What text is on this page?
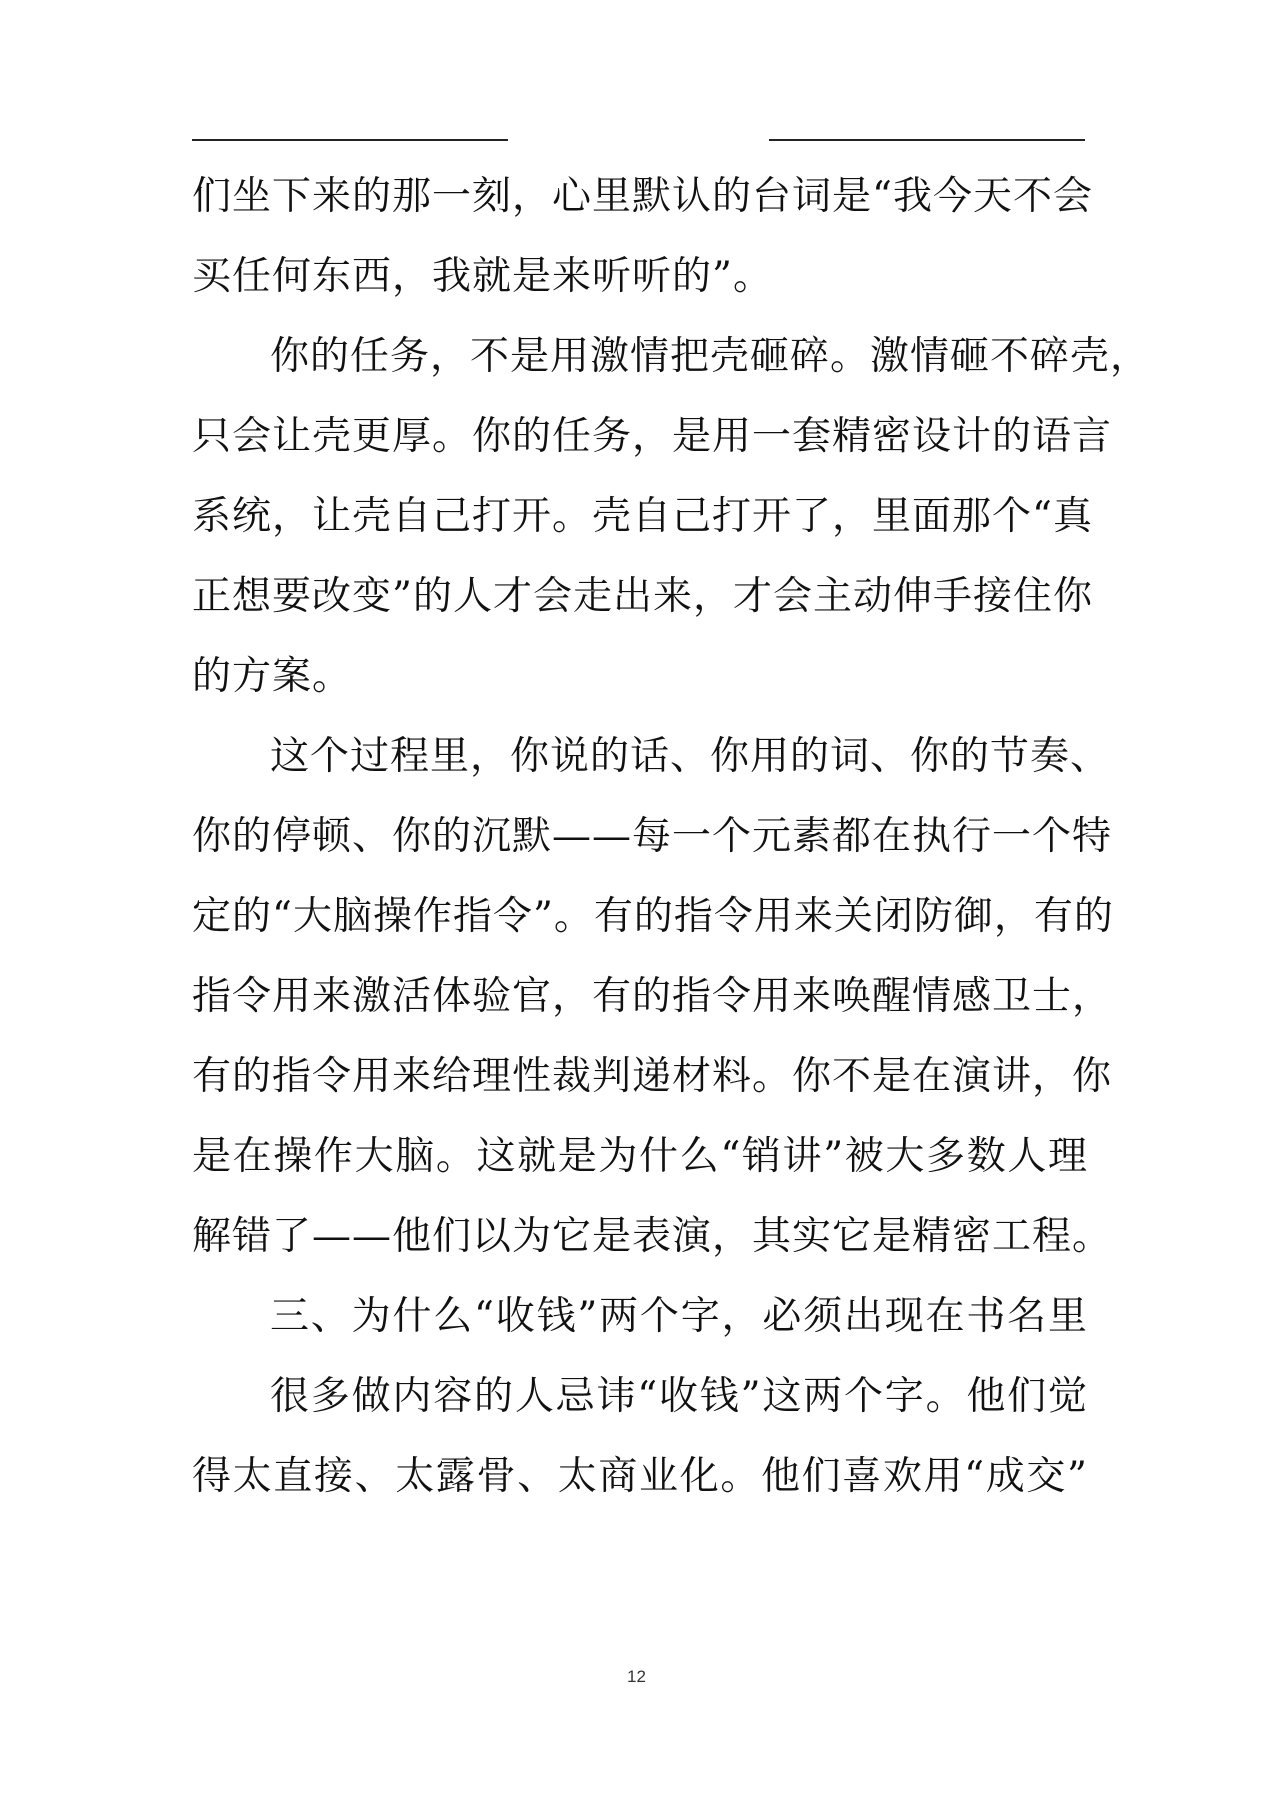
们坐下来的那一刻，心里默认的台词是“我今天不会
买任何东西，我就是来听听的”。
你的任务，不是用激情把壳砸碎。激情砸不碎壳，
只会让壳更厚。你的任务，是用一套精密设计的语言
系统，让壳自己打开。壳自己打开了，里面那个“真
正想要改变”的人才会走出来，才会主动伸手接住你
的方案。
这个过程里，你说的话、你用的词、你的节奏、
你的停顿、你的沉默——每一个元素都在执行一个特
定的“大脑操作指令”。有的指令用来关闭防御，有的
指令用来激活体验官，有的指令用来唤醒情感卫士，
有的指令用来给理性裁判递材料。你不是在演讲，你
是在操作大脑。这就是为什么“销讲”被大多数人理
解错了——他们以为它是表演，其实它是精密工程。
三、为什么“收钱”两个字，必须出现在书名里
很多做内容的人忌讳“收钱”这两个字。他们觉
得太直接、太露骨、太商业化。他们喜欢用“成交”
12
